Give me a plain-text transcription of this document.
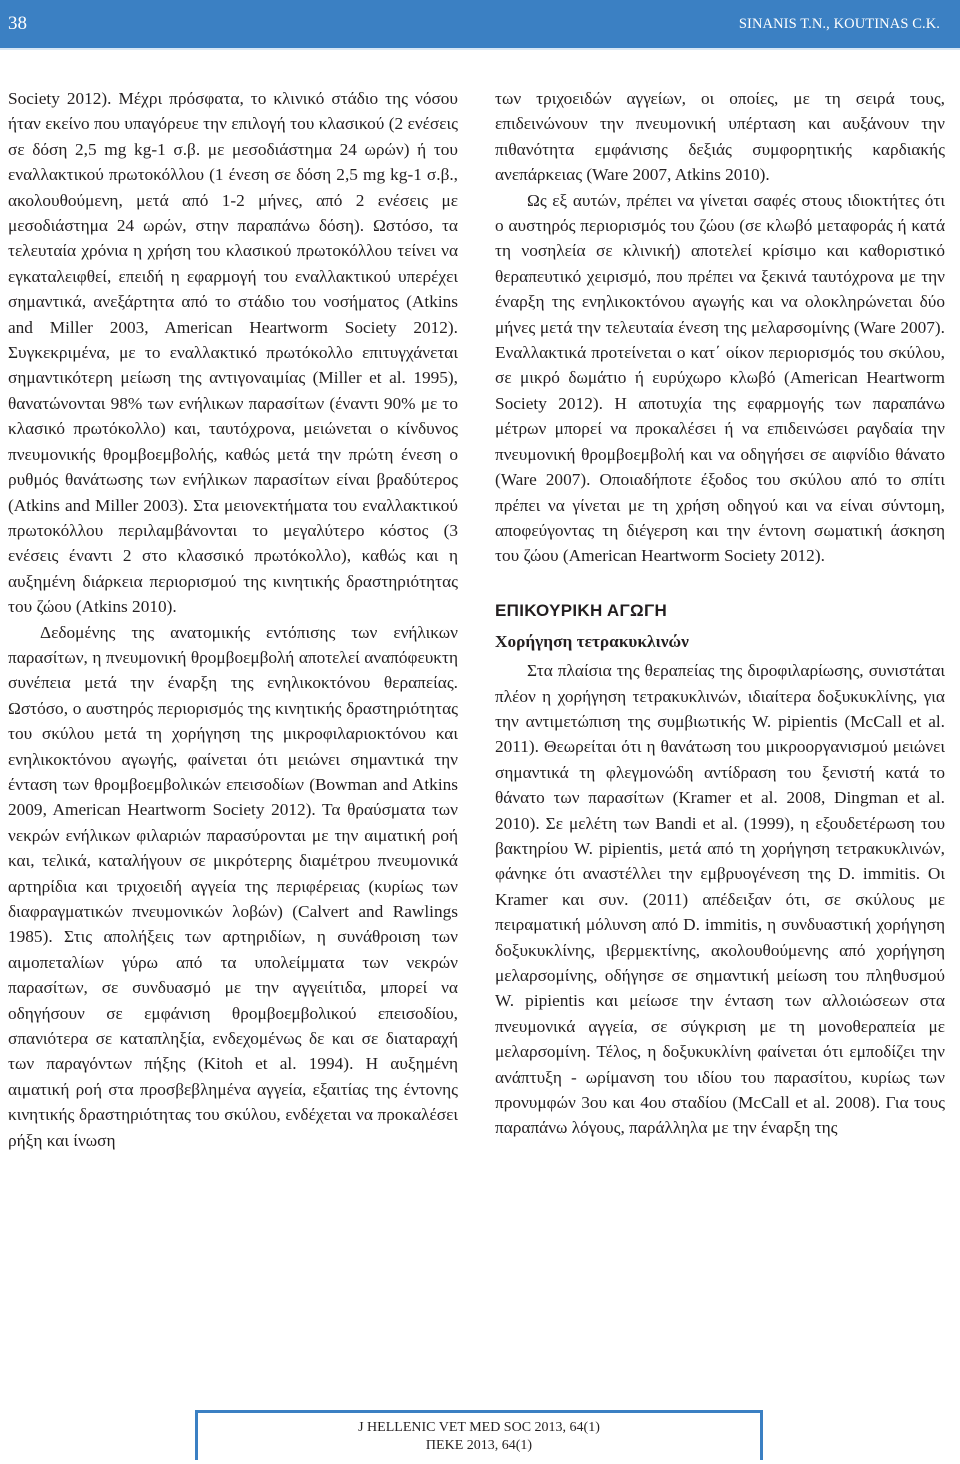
38	SINANIS T.N., KOUTINAS C.K.

Society 2012). Μέχρι πρόσφατα, το κλινικό στάδιο της νόσου ήταν εκείνο που υπαγόρευε την επιλογή του κλασικού (2 ενέσεις σε δόση 2,5 mg kg-1 σ.β. με μεσοδιάστημα 24 ωρών) ή του εναλλακτικού πρωτοκόλλου (1 ένεση σε δόση 2,5 mg kg-1 σ.β., ακολουθούμενη, μετά από 1-2 μήνες, από 2 ενέσεις με μεσοδιάστημα 24 ωρών, στην παραπάνω δόση). Ωστόσο, τα τελευταία χρόνια η χρήση του κλασικού πρωτοκόλλου τείνει να εγκαταλειφθεί, επειδή η εφαρμογή του εναλλακτικού υπερέχει σημαντικά, ανεξάρτητα από το στάδιο του νοσήματος (Atkins and Miller 2003, American Heartworm Society 2012). Συγκεκριμένα, με το εναλλακτικό πρωτόκολλο επιτυγχάνεται σημαντικότερη μείωση της αντιγοναιμίας (Miller et al. 1995), θανατώνονται 98% των ενήλικων παρασίτων (έναντι 90% με το κλασικό πρωτόκολλο) και, ταυτόχρονα, μειώνεται ο κίνδυνος πνευμονικής θρομβοεμβολής, καθώς μετά την πρώτη ένεση ο ρυθμός θανάτωσης των ενήλικων παρασίτων είναι βραδύτερος (Atkins and Miller 2003). Στα μειονεκτήματα του εναλλακτικού πρωτοκόλλου περιλαμβάνονται το μεγαλύτερο κόστος (3 ενέσεις έναντι 2 στο κλασσικό πρωτόκολλο), καθώς και η αυξημένη διάρκεια περιορισμού της κινητικής δραστηριότητας του ζώου (Atkins 2010).

Δεδομένης της ανατομικής εντόπισης των ενήλικων παρασίτων, η πνευμονική θρομβοεμβολή αποτελεί αναπόφευκτη συνέπεια μετά την έναρξη της ενηλικοκτόνου θεραπείας. Ωστόσο, ο αυστηρός περιορισμός της κινητικής δραστηριότητας του σκύλου μετά τη χορήγηση της μικροφιλαριοκτόνου και ενηλικοκτόνου αγωγής, φαίνεται ότι μειώνει σημαντικά την ένταση των θρομβοεμβολικών επεισοδίων (Bowman and Atkins 2009, American Heartworm Society 2012). Τα θραύσματα των νεκρών ενήλικων φιλαριών παρασύρονται με την αιματική ροή και, τελικά, καταλήγουν σε μικρότερης διαμέτρου πνευμονικά αρτηρίδια και τριχοειδή αγγεία της περιφέρειας (κυρίως των διαφραγματικών πνευμονικών λοβών) (Calvert and Rawlings 1985). Στις απολήξεις των αρτηριδίων, η συνάθροιση των αιμοπεταλίων γύρω από τα υπολείμματα των νεκρών παρασίτων, σε συνδυασμό με την αγγειίτιδα, μπορεί να οδηγήσουν σε εμφάνιση θρομβοεμβολικού επεισοδίου, σπανιότερα σε καταπληξία, ενδεχομένως δε και σε διαταραχή των παραγόντων πήξης (Kitoh et al. 1994). Η αυξημένη αιματική ροή στα προσβεβλημένα αγγεία, εξαιτίας της έντονης κινητικής δραστηριότητας του σκύλου, ενδέχεται να προκαλέσει ρήξη και ίνωση

των τριχοειδών αγγείων, οι οποίες, με τη σειρά τους, επιδεινώνουν την πνευμονική υπέρταση και αυξάνουν την πιθανότητα εμφάνισης δεξιάς συμφορητικής καρδιακής ανεπάρκειας (Ware 2007, Atkins 2010).

Ως εξ αυτών, πρέπει να γίνεται σαφές στους ιδιοκτήτες ότι ο αυστηρός περιορισμός του ζώου (σε κλωβό μεταφοράς ή κατά τη νοσηλεία σε κλινική) αποτελεί κρίσιμο και καθοριστικό θεραπευτικό χειρισμό, που πρέπει να ξεκινά ταυτόχρονα με την έναρξη της ενηλικοκτόνου αγωγής και να ολοκληρώνεται δύο μήνες μετά την τελευταία ένεση της μελαρσομίνης (Ware 2007). Εναλλακτικά προτείνεται ο κατ΄ οίκον περιορισμός του σκύλου, σε μικρό δωμάτιο ή ευρύχωρο κλωβό (American Heartworm Society 2012). Η αποτυχία της εφαρμογής των παραπάνω μέτρων μπορεί να προκαλέσει ή να επιδεινώσει ραγδαία την πνευμονική θρομβοεμβολή και να οδηγήσει σε αιφνίδιο θάνατο (Ware 2007). Οποιαδήποτε έξοδος του σκύλου από το σπίτι πρέπει να γίνεται με τη χρήση οδηγού και να είναι σύντομη, αποφεύγοντας τη διέγερση και την έντονη σωματική άσκηση του ζώου (American Heartworm Society 2012).

ΕΠΙΚΟΥΡΙΚΗ ΑΓΩΓΗ
Χορήγηση τετρακυκλινών

Στα πλαίσια της θεραπείας της διροφιλαρίωσης, συνιστάται πλέον η χορήγηση τετρακυκλινών, ιδιαίτερα δοξυκυκλίνης, για την αντιμετώπιση της συμβιωτικής W. pipientis (McCall et al. 2011). Θεωρείται ότι η θανάτωση του μικροοργανισμού μειώνει σημαντικά τη φλεγμονώδη αντίδραση του ξενιστή κατά το θάνατο των παρασίτων (Kramer et al. 2008, Dingman et al. 2010). Σε μελέτη των Bandi et al. (1999), η εξουδετέρωση του βακτηρίου W. pipientis, μετά από τη χορήγηση τετρακυκλινών, φάνηκε ότι αναστέλλει την εμβρυογένεση της D. immitis. Οι Kramer και συν. (2011) απέδειξαν ότι, σε σκύλους με πειραματική μόλυνση από D. immitis, η συνδυαστική χορήγηση δοξυκυκλίνης, ιβερμεκτίνης, ακολουθούμενης από χορήγηση μελαρσομίνης, οδήγησε σε σημαντική μείωση του πληθυσμού W. pipientis και μείωσε την ένταση των αλλοιώσεων στα πνευμονικά αγγεία, σε σύγκριση με τη μονοθεραπεία με μελαρσομίνη. Τέλος, η δοξυκυκλίνη φαίνεται ότι εμποδίζει την ανάπτυξη - ωρίμανση του ιδίου του παρασίτου, κυρίως των προνυμφών 3ου και 4ου σταδίου (McCall et al. 2008). Για τους παραπάνω λόγους, παράλληλα με την έναρξη της

J HELLENIC VET MED SOC 2013, 64(1)
ΠΕΚΕ 2013, 64(1)
